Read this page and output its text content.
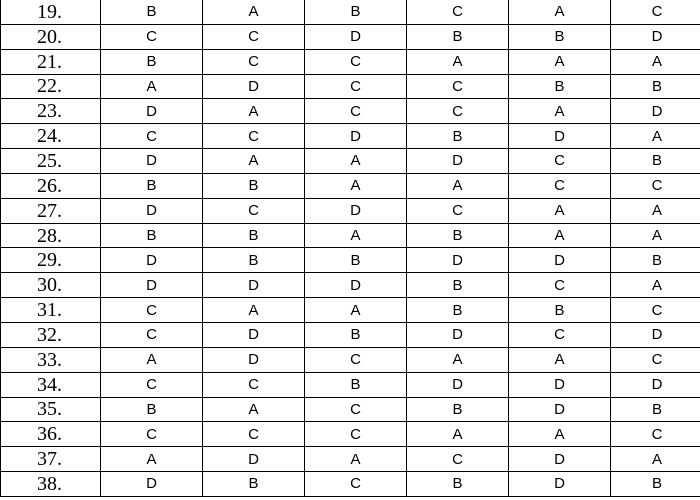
19.	B	A	B	C	A	C
20.	C	C	D	B	B	D
21.	B	C	C	A	A	A
22.	A	D	C	C	B	B
23.	D	A	C	C	A	D
24.	C	C	D	B	D	A
25.	D	A	A	D	C	B
26.	B	B	A	A	C	C
27.	D	C	D	C	A	A
28.	B	B	A	B	A	A
29.	D	B	B	D	D	B
30.	D	D	D	B	C	A
31.	C	A	A	B	B	C
32.	C	D	B	D	C	D
33.	A	D	C	A	A	C
34.	C	C	B	D	D	D
35.	B	A	C	B	D	B
36.	C	C	C	A	A	C
37.	A	D	A	C	D	A
38.	D	B	C	B	D	B
